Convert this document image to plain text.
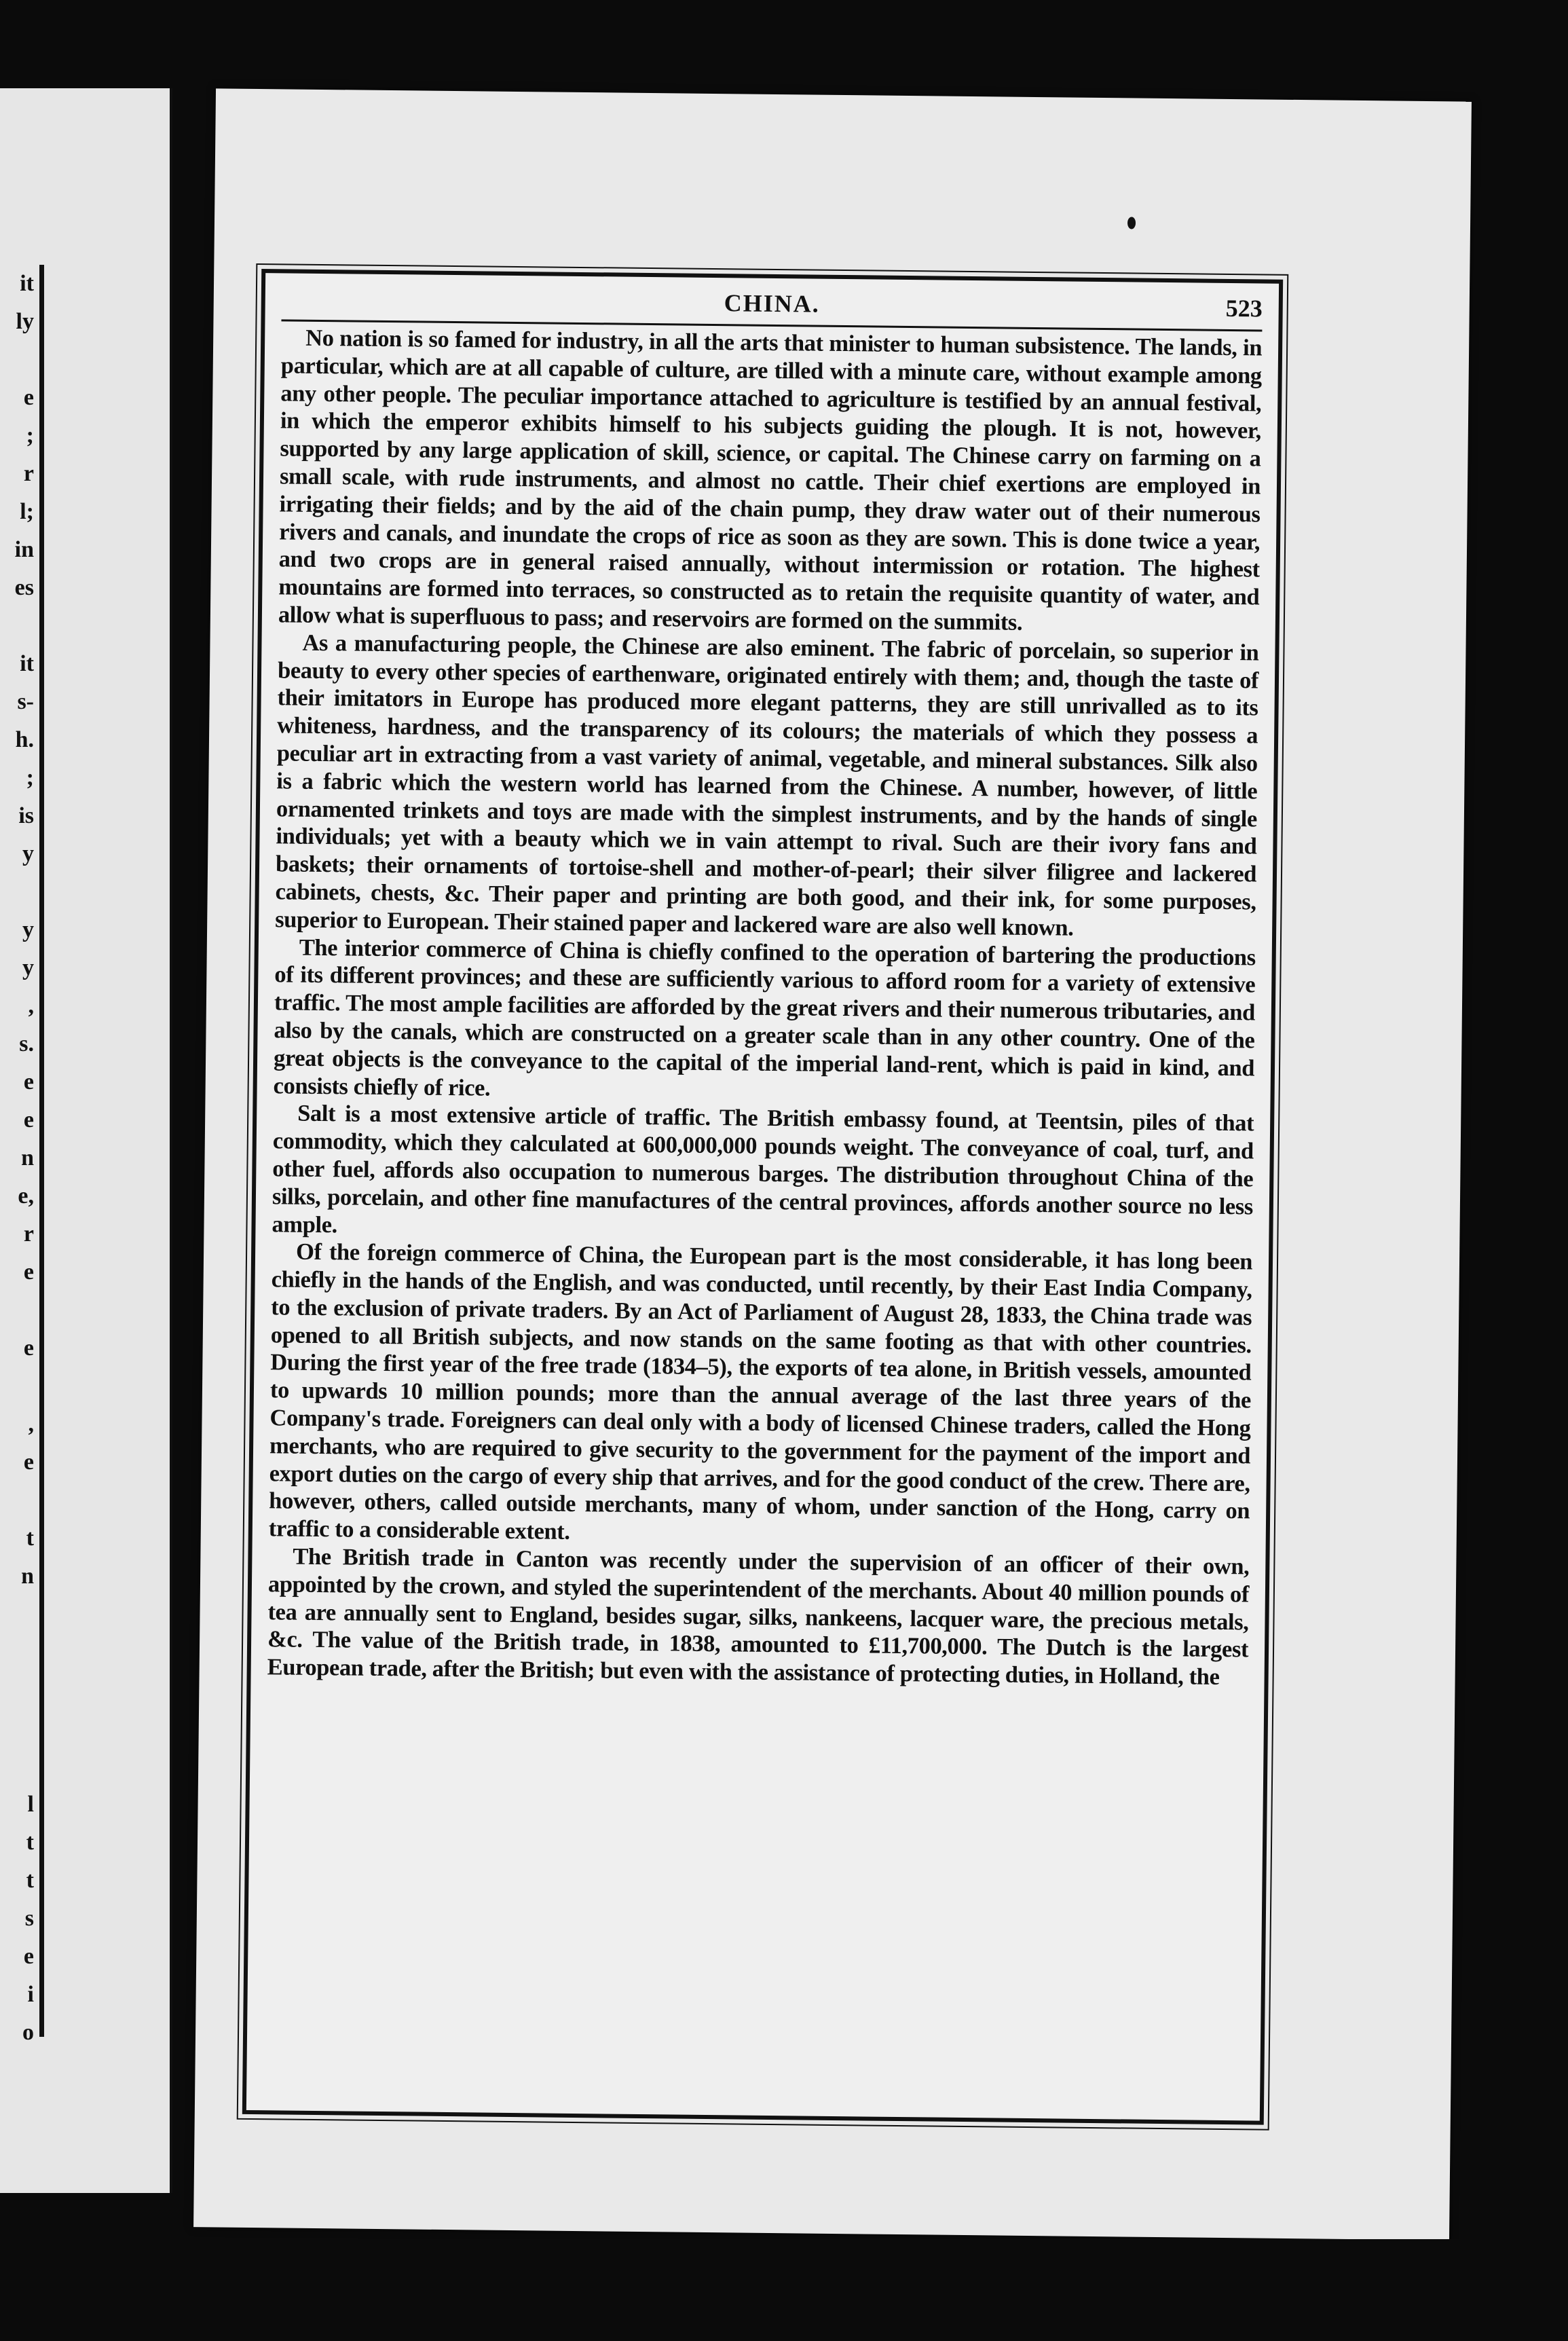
it
ly

e
;
r
l;
in
es

it
s-
h.
;
is
y

y
y
,
s.
e
e
n
e,
r
e

e

,
e

t
n

l
t
t
s
e
i
o

CHINA.	523

No nation is so famed for industry, in all the arts that minister to human subsistence. The lands, in particular, which are at all capable of culture, are tilled with a minute care, without example among any other people. The peculiar importance attached to agriculture is testified by an annual festival, in which the emperor exhibits himself to his subjects guiding the plough. It is not, however, supported by any large application of skill, science, or capital. The Chinese carry on farming on a small scale, with rude instruments, and almost no cattle. Their chief exertions are employed in irrigating their fields; and by the aid of the chain pump, they draw water out of their numerous rivers and canals, and inundate the crops of rice as soon as they are sown. This is done twice a year, and two crops are in general raised annually, without intermission or rotation. The highest mountains are formed into terraces, so constructed as to retain the requisite quantity of water, and allow what is superfluous to pass; and reservoirs are formed on the summits.

As a manufacturing people, the Chinese are also eminent. The fabric of porcelain, so superior in beauty to every other species of earthenware, originated entirely with them; and, though the taste of their imitators in Europe has produced more elegant patterns, they are still unrivalled as to its whiteness, hardness, and the transparency of its colours; the materials of which they possess a peculiar art in extracting from a vast variety of animal, vegetable, and mineral substances. Silk also is a fabric which the western world has learned from the Chinese. A number, however, of little ornamented trinkets and toys are made with the simplest instruments, and by the hands of single individuals; yet with a beauty which we in vain attempt to rival. Such are their ivory fans and baskets; their ornaments of tortoise-shell and mother-of-pearl; their silver filigree and lackered cabinets, chests, &c. Their paper and printing are both good, and their ink, for some purposes, superior to European. Their stained paper and lackered ware are also well known.

The interior commerce of China is chiefly confined to the operation of bartering the productions of its different provinces; and these are sufficiently various to afford room for a variety of extensive traffic. The most ample facilities are afforded by the great rivers and their numerous tributaries, and also by the canals, which are constructed on a greater scale than in any other country. One of the great objects is the conveyance to the capital of the imperial land-rent, which is paid in kind, and consists chiefly of rice.

Salt is a most extensive article of traffic. The British embassy found, at Teentsin, piles of that commodity, which they calculated at 600,000,000 pounds weight. The conveyance of coal, turf, and other fuel, affords also occupation to numerous barges. The distribution throughout China of the silks, porcelain, and other fine manufactures of the central provinces, affords another source no less ample.

Of the foreign commerce of China, the European part is the most considerable, it has long been chiefly in the hands of the English, and was conducted, until recently, by their East India Company, to the exclusion of private traders. By an Act of Parliament of August 28, 1833, the China trade was opened to all British subjects, and now stands on the same footing as that with other countries. During the first year of the free trade (1834–5), the exports of tea alone, in British vessels, amounted to upwards 10 million pounds; more than the annual average of the last three years of the Company's trade. Foreigners can deal only with a body of licensed Chinese traders, called the Hong merchants, who are required to give security to the government for the payment of the import and export duties on the cargo of every ship that arrives, and for the good conduct of the crew. There are, however, others, called outside merchants, many of whom, under sanction of the Hong, carry on traffic to a considerable extent.

The British trade in Canton was recently under the supervision of an officer of their own, appointed by the crown, and styled the superintendent of the merchants. About 40 million pounds of tea are annually sent to England, besides sugar, silks, nankeens, lacquer ware, the precious metals, &c. The value of the British trade, in 1838, amounted to £11,700,000. The Dutch is the largest European trade, after the British; but even with the assistance of protecting duties, in Holland, the
